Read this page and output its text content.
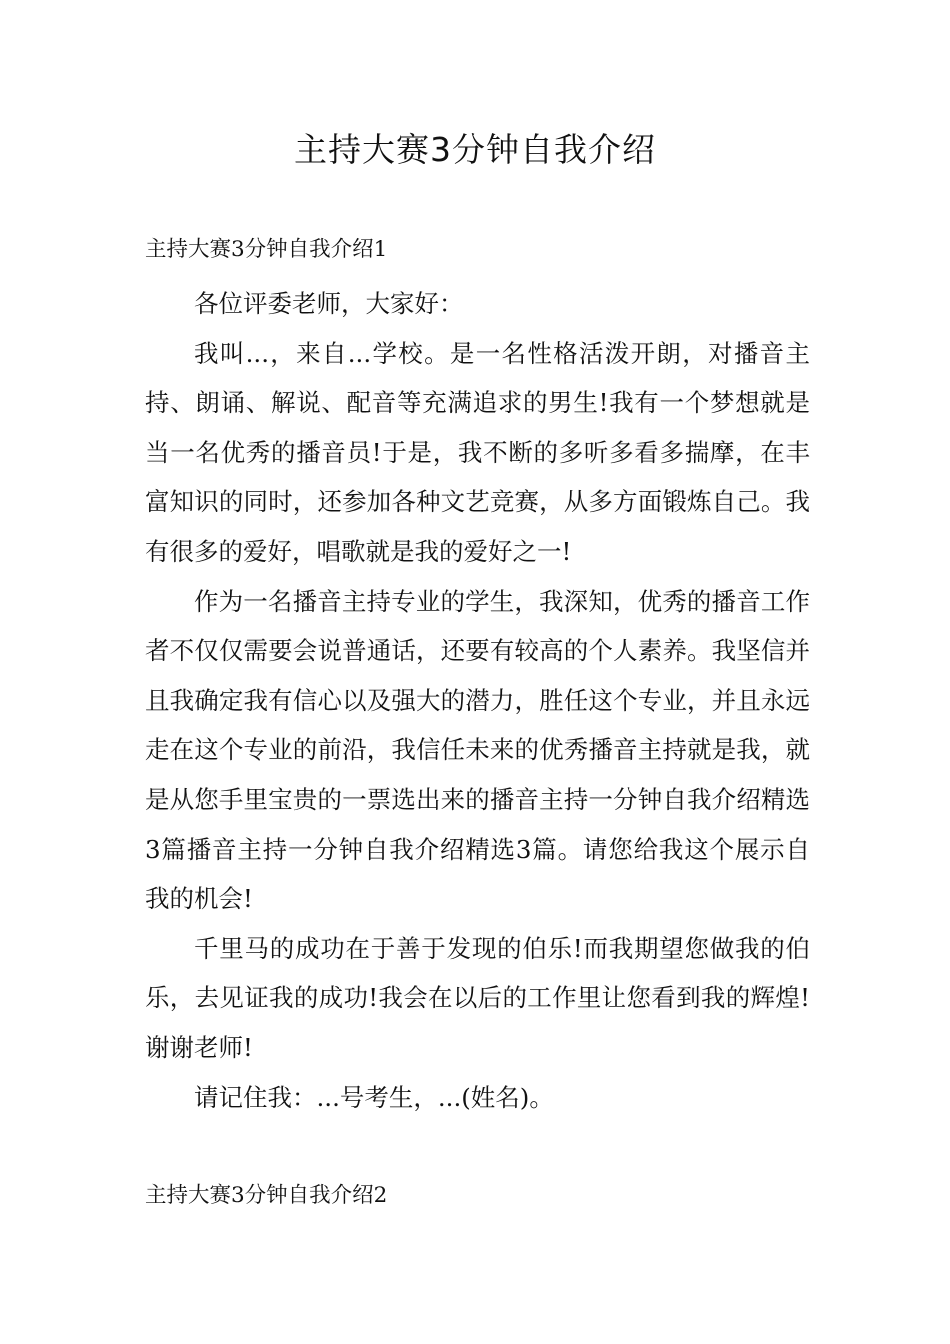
主持大赛3分钟自我介绍
主持大赛3分钟自我介绍1

各位评委老师，大家好：

我叫...，来自...学校。是一名性格活泼开朗，对播音主持、朗诵、解说、配音等充满追求的男生!我有一个梦想就是当一名优秀的播音员!于是，我不断的多听多看多揣摩，在丰富知识的同时，还参加各种文艺竞赛，从多方面锻炼自己。我有很多的爱好，唱歌就是我的爱好之一!

作为一名播音主持专业的学生，我深知，优秀的播音工作者不仅仅需要会说普通话，还要有较高的个人素养。我坚信并且我确定我有信心以及强大的潜力，胜任这个专业，并且永远走在这个专业的前沿，我信任未来的优秀播音主持就是我，就是从您手里宝贵的一票选出来的播音主持一分钟自我介绍精选3篇播音主持一分钟自我介绍精选3篇。请您给我这个展示自我的机会!

千里马的成功在于善于发现的伯乐!而我期望您做我的伯乐，去见证我的成功!我会在以后的工作里让您看到我的辉煌!谢谢老师!

请记住我：...号考生，...(姓名)。

主持大赛3分钟自我介绍2
